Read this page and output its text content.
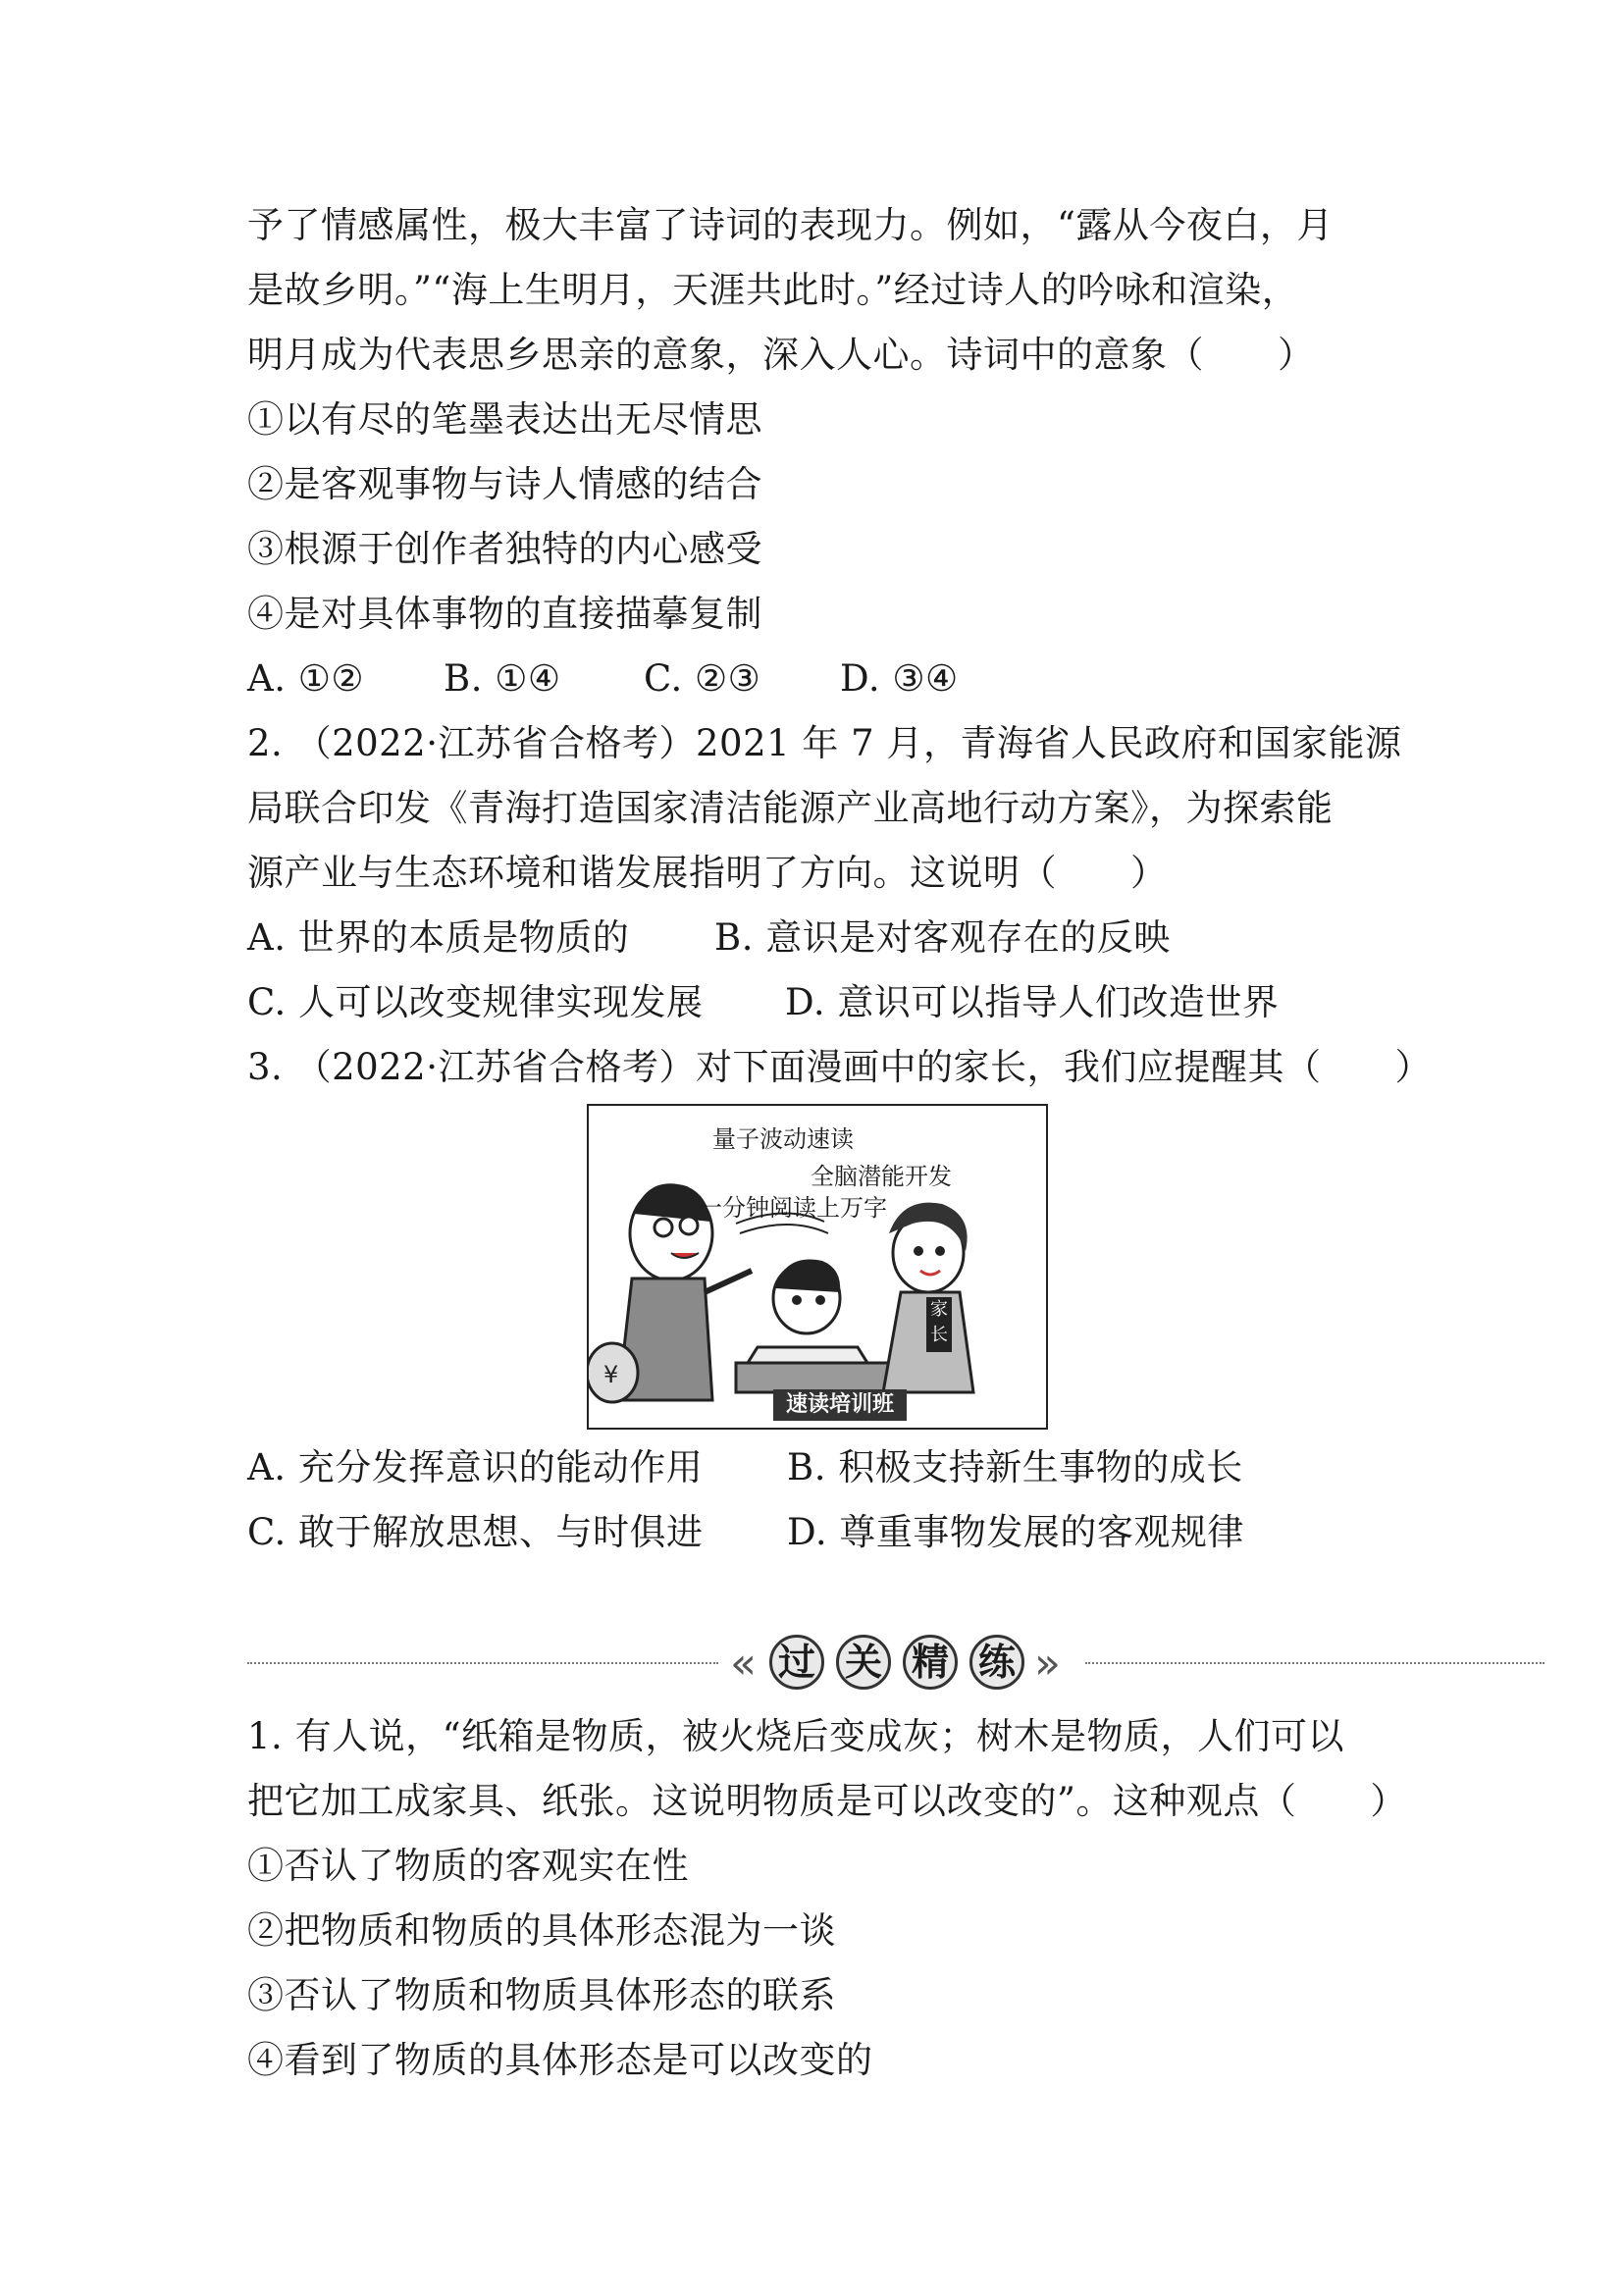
予了情感属性，极大丰富了诗词的表现力。例如，“露从今夜白，月
是故乡明。”“海上生明月，天涯共此时。”经过诗人的吟咏和渲染，
明月成为代表思乡思亲的意象，深入人心。诗词中的意象（　　）
①以有尽的笔墨表达出无尽情思
②是客观事物与诗人情感的结合
③根源于创作者独特的内心感受
④是对具体事物的直接描摹复制
A. ①② B. ①④ C. ②③ D. ③④
2. （2022·江苏省合格考）2021 年 7 月，青海省人民政府和国家能源
局联合印发《青海打造国家清洁能源产业高地行动方案》，为探索能
源产业与生态环境和谐发展指明了方向。这说明（　　）
A. 世界的本质是物质的 B. 意识是对客观存在的反映
C. 人可以改变规律实现发展 D. 意识可以指导人们改造世界
3. （2022·江苏省合格考）对下面漫画中的家长，我们应提醒其（　　）
¥
量子波动速读
全脑潜能开发
一分钟阅读上万字
家长
速读培训班
A. 充分发挥意识的能动作用 B. 积极支持新生事物的成长
C. 敢于解放思想、与时俱进 D. 尊重事物发展的客观规律
« 过 关 精 练 »
1. 有人说，“纸箱是物质，被火烧后变成灰；树木是物质，人们可以
把它加工成家具、纸张。这说明物质是可以改变的”。这种观点（　　）
①否认了物质的客观实在性
②把物质和物质的具体形态混为一谈
③否认了物质和物质具体形态的联系
④看到了物质的具体形态是可以改变的
